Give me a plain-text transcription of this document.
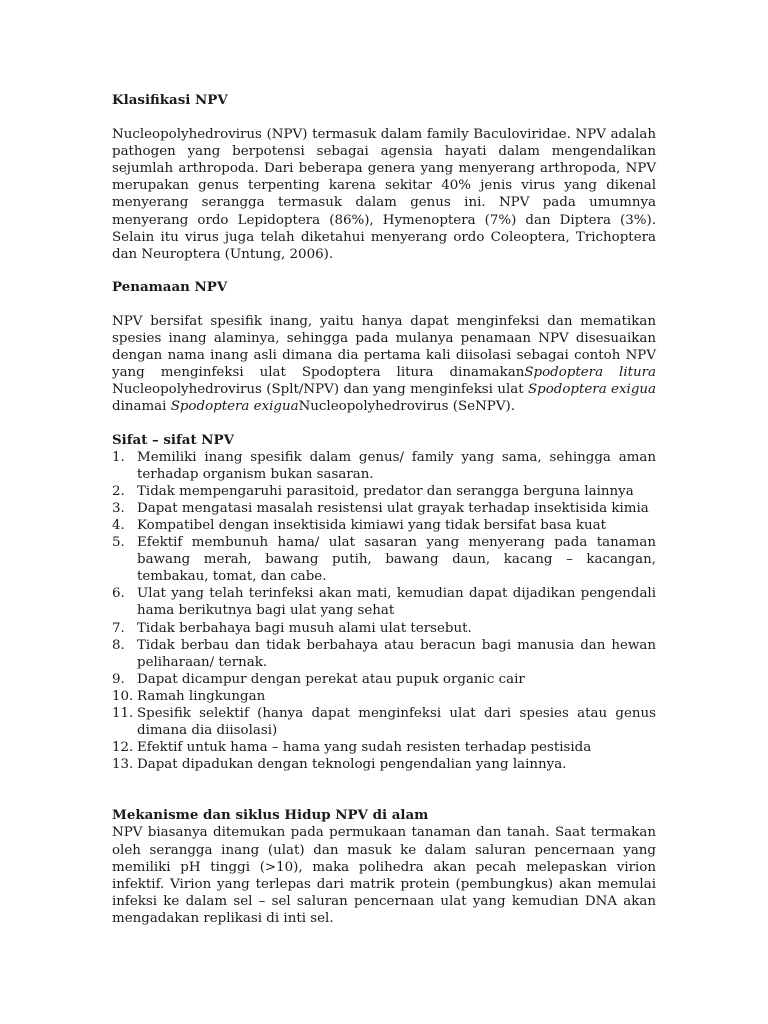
Klasifikasi NPV

Nucleopolyhedrovirus (NPV) termasuk dalam family Baculoviridae. NPV adalah pathogen yang berpotensi sebagai agensia hayati dalam mengendalikan sejumlah arthropoda. Dari beberapa genera yang menyerang arthropoda, NPV merupakan genus terpenting karena sekitar 40% jenis virus yang dikenal menyerang serangga termasuk dalam genus ini. NPV pada umumnya menyerang ordo Lepidoptera (86%), Hymenoptera (7%) dan Diptera (3%). Selain itu virus juga telah diketahui menyerang ordo Coleoptera, Trichoptera dan Neuroptera (Untung, 2006).

Penamaan NPV

NPV bersifat spesifik inang, yaitu hanya dapat menginfeksi dan mematikan spesies inang alaminya, sehingga pada mulanya penamaan NPV disesuaikan dengan nama inang asli dimana dia pertama kali diisolasi sebagai contoh NPV yang menginfeksi ulat Spodoptera litura dinamakanSpodoptera litura Nucleopolyhedrovirus (Splt/NPV) dan yang menginfeksi ulat Spodoptera exigua dinamai Spodoptera exiguaNucleopolyhedrovirus (SeNPV).

Sifat – sifat NPV

1. Memiliki inang spesifik dalam genus/ family yang sama, sehingga aman terhadap organism bukan sasaran.
2. Tidak mempengaruhi parasitoid, predator dan serangga berguna lainnya
3. Dapat mengatasi masalah resistensi ulat grayak terhadap insektisida kimia
4. Kompatibel dengan insektisida kimiawi yang tidak bersifat basa kuat
5. Efektif membunuh hama/ ulat sasaran yang menyerang pada tanaman bawang merah, bawang putih, bawang daun, kacang – kacangan, tembakau, tomat, dan cabe.
6. Ulat yang telah terinfeksi akan mati, kemudian dapat dijadikan pengendali hama berikutnya bagi ulat yang sehat
7. Tidak berbahaya bagi musuh alami ulat tersebut.
8. Tidak berbau dan tidak berbahaya atau beracun bagi manusia dan hewan peliharaan/ ternak.
9. Dapat dicampur dengan perekat atau pupuk organic cair
10. Ramah lingkungan
11. Spesifik selektif (hanya dapat menginfeksi ulat dari spesies atau genus dimana dia diisolasi)
12. Efektif untuk hama – hama yang sudah resisten terhadap pestisida
13. Dapat dipadukan dengan teknologi pengendalian yang lainnya.

Mekanisme dan siklus Hidup NPV di alam

NPV biasanya ditemukan pada permukaan tanaman dan tanah. Saat termakan oleh serangga inang (ulat) dan masuk ke dalam saluran pencernaan yang memiliki pH tinggi (>10), maka polihedra akan pecah melepaskan virion infektif. Virion yang terlepas dari matrik protein (pembungkus) akan memulai infeksi ke dalam sel – sel saluran pencernaan ulat yang kemudian DNA akan mengadakan replikasi di inti sel.
